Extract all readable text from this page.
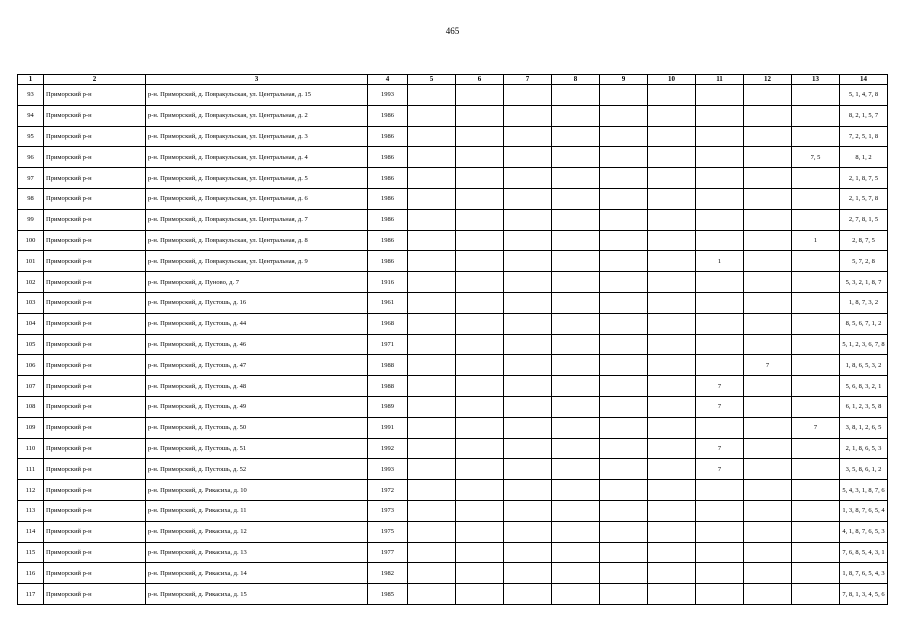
465
1	2	3	4	5	6	7	8	9	10	11	12	13	14
93	Приморский р-н	р-н. Приморский, д. Повракульская, ул. Центральная, д. 15	1993										5, 1, 4, 7, 8
94	Приморский р-н	р-н. Приморский, д. Повракульская, ул. Центральная, д. 2	1986										8, 2, 1, 5, 7
95	Приморский р-н	р-н. Приморский, д. Повракульская, ул. Центральная, д. 3	1986										7, 2, 5, 1, 8
96	Приморский р-н	р-н. Приморский, д. Повракульская, ул. Центральная, д. 4	1986									7, 5	8, 1, 2
97	Приморский р-н	р-н. Приморский, д. Повракульская, ул. Центральная, д. 5	1986										2, 1, 8, 7, 5
98	Приморский р-н	р-н. Приморский, д. Повракульская, ул. Центральная, д. 6	1986										2, 1, 5, 7, 8
99	Приморский р-н	р-н. Приморский, д. Повракульская, ул. Центральная, д. 7	1986										2, 7, 8, 1, 5
100	Приморский р-н	р-н. Приморский, д. Повракульская, ул. Центральная, д. 8	1986									1	2, 8, 7, 5
101	Приморский р-н	р-н. Приморский, д. Повракульская, ул. Центральная, д. 9	1986							1			5, 7, 2, 8
102	Приморский р-н	р-н. Приморский, д. Пуново, д. 7	1916										5, 3, 2, 1, 8, 7
103	Приморский р-н	р-н. Приморский, д. Пустошь, д. 16	1961										1, 8, 7, 3, 2
104	Приморский р-н	р-н. Приморский, д. Пустошь, д. 44	1968										8, 5, 6, 7, 1, 2
105	Приморский р-н	р-н. Приморский, д. Пустошь, д. 46	1971										5, 1, 2, 3, 6, 7, 8
106	Приморский р-н	р-н. Приморский, д. Пустошь, д. 47	1988								7		1, 8, 6, 5, 3, 2
107	Приморский р-н	р-н. Приморский, д. Пустошь, д. 48	1988							7			5, 6, 8, 3, 2, 1
108	Приморский р-н	р-н. Приморский, д. Пустошь, д. 49	1989							7			6, 1, 2, 3, 5, 8
109	Приморский р-н	р-н. Приморский, д. Пустошь, д. 50	1991									7	3, 8, 1, 2, 6, 5
110	Приморский р-н	р-н. Приморский, д. Пустошь, д. 51	1992							7			2, 1, 8, 6, 5, 3
111	Приморский р-н	р-н. Приморский, д. Пустошь, д. 52	1993							7			3, 5, 8, 6, 1, 2
112	Приморский р-н	р-н. Приморский, д. Рикасиха, д. 10	1972										5, 4, 3, 1, 8, 7, 6
113	Приморский р-н	р-н. Приморский, д. Рикасиха, д. 11	1973										1, 3, 8, 7, 6, 5, 4
114	Приморский р-н	р-н. Приморский, д. Рикасиха, д. 12	1975										4, 1, 8, 7, 6, 5, 3
115	Приморский р-н	р-н. Приморский, д. Рикасиха, д. 13	1977										7, 6, 8, 5, 4, 3, 1
116	Приморский р-н	р-н. Приморский, д. Рикасиха, д. 14	1982										1, 8, 7, 6, 5, 4, 3
117	Приморский р-н	р-н. Приморский, д. Рикасиха, д. 15	1985										7, 8, 1, 3, 4, 5, 6
